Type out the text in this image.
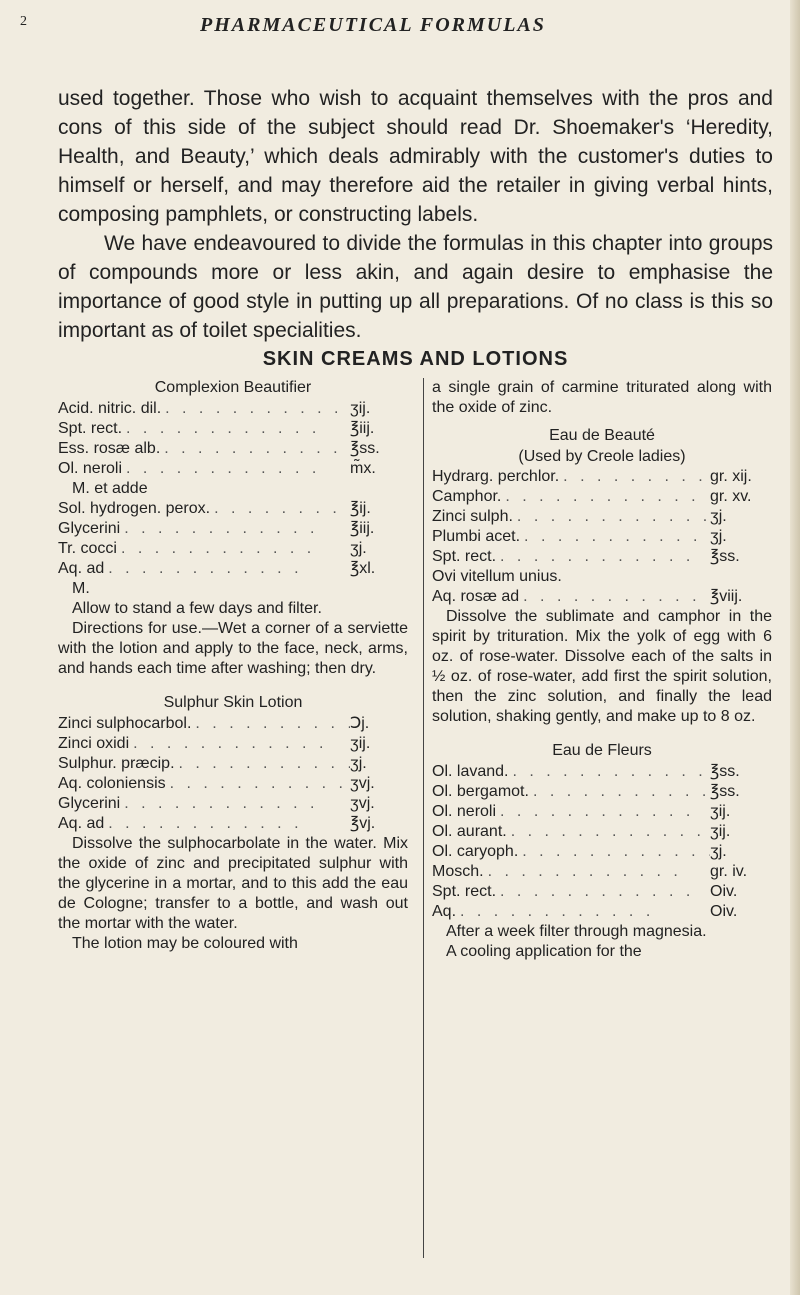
2	PHARMACEUTICAL FORMULAS

used together. Those who wish to acquaint themselves with the pros and cons of this side of the subject should read Dr. Shoemaker's ‘Heredity, Health, and Beauty,’ which deals admirably with the customer's duties to himself or herself, and may therefore aid the retailer in giving verbal hints, composing pamphlets, or constructing labels.

We have endeavoured to divide the formulas in this chapter into groups of compounds more or less akin, and again desire to emphasise the importance of good style in putting up all preparations. Of no class is this so important as of toilet specialities.

SKIN CREAMS AND LOTIONS
Complexion Beautifier
Acid. nitric. dil. . .	ʒij.
Spt. rect. . .	℥iij.
Ess. rosæ alb. . .	℥ss.
Ol. neroli . .	m̃x.
M. et adde
Sol. hydrogen. perox. . .	℥ij.
Glycerini . .	℥iij.
Tr. cocci . .	ʒj.
Aq. ad . .	℥xl.
M.

Allow to stand a few days and filter.

Directions for use.—Wet a corner of a serviette with the lotion and apply to the face, neck, arms, and hands each time after washing; then dry.

Sulphur Skin Lotion
Zinci sulphocarbol. . .	Ↄj.
Zinci oxidi . .	ʒij.
Sulphur. præcip. . .	ʒj.
Aq. coloniensis . .	ʒvj.
Glycerini . .	ʒvj.
Aq. ad . .	℥vj.

Dissolve the sulphocarbolate in the water. Mix the oxide of zinc and precipitated sulphur with the glycerine in a mortar, and to this add the eau de Cologne; transfer to a bottle, and wash out the mortar with the water.

The lotion may be coloured with

a single grain of carmine triturated along with the oxide of zinc.

Eau de Beauté
(Used by Creole ladies)
Hydrarg. perchlor. . .	gr. xij.
Camphor. . .	gr. xv.
Zinci sulph. . .	ʒj.
Plumbi acet. . .	ʒj.
Spt. rect. . .	℥ss.
Ovi vitellum unius.
Aq. rosæ ad . .	℥viij.

Dissolve the sublimate and camphor in the spirit by trituration. Mix the yolk of egg with 6 oz. of rose-water. Dissolve each of the salts in ½ oz. of rose-water, add first the spirit solution, then the zinc solution, and finally the lead solution, shaking gently, and make up to 8 oz.

Eau de Fleurs
Ol. lavand. . .	℥ss.
Ol. bergamot. . .	℥ss.
Ol. neroli . .	ʒij.
Ol. aurant. . .	ʒij.
Ol. caryoph. . .	ʒj.
Mosch. . .	gr. iv.
Spt. rect. . .	Oiv.
Aq. . .	Oiv.

After a week filter through magnesia.

A cooling application for the
